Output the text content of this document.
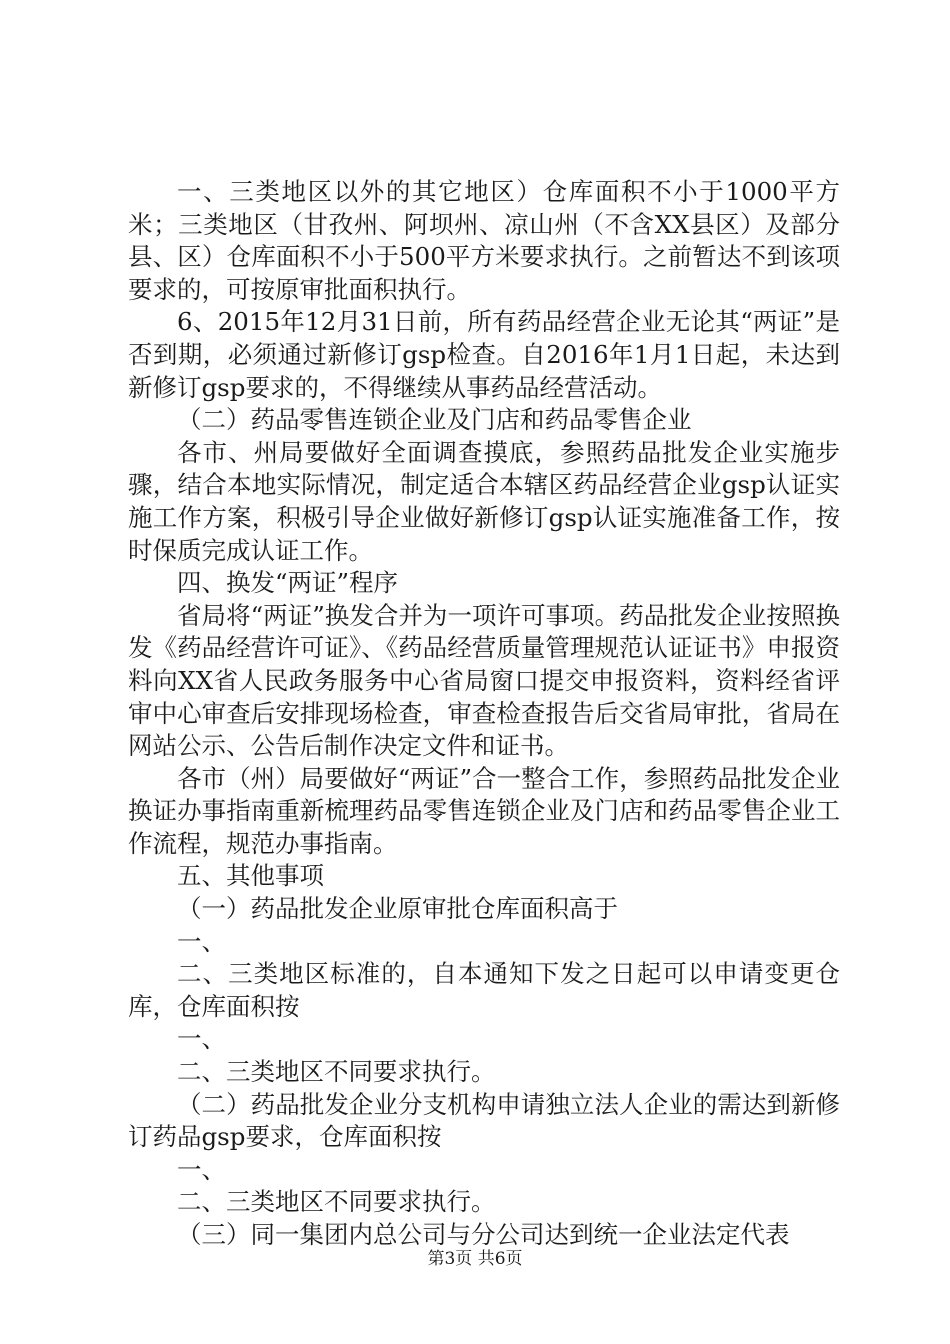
一、三类地区以外的其它地区）仓库面积不小于1000平方米；三类地区（甘孜州、阿坝州、凉山州（不含XX县区）及部分县、区）仓库面积不小于500平方米要求执行。之前暂达不到该项要求的，可按原审批面积执行。

6、2015年12月31日前，所有药品经营企业无论其“两证”是否到期，必须通过新修订gsp检查。自2016年1月1日起，未达到新修订gsp要求的，不得继续从事药品经营活动。

（二）药品零售连锁企业及门店和药品零售企业

各市、州局要做好全面调查摸底，参照药品批发企业实施步骤，结合本地实际情况，制定适合本辖区药品经营企业gsp认证实施工作方案，积极引导企业做好新修订gsp认证实施准备工作，按时保质完成认证工作。

四、换发“两证”程序

省局将“两证”换发合并为一项许可事项。药品批发企业按照换发《药品经营许可证》、《药品经营质量管理规范认证证书》申报资料向XX省人民政务服务中心省局窗口提交申报资料，资料经省评审中心审查后安排现场检查，审查检查报告后交省局审批，省局在网站公示、公告后制作决定文件和证书。

各市（州）局要做好“两证”合一整合工作，参照药品批发企业换证办事指南重新梳理药品零售连锁企业及门店和药品零售企业工作流程，规范办事指南。

五、其他事项

（一）药品批发企业原审批仓库面积高于

一、

二、三类地区标准的，自本通知下发之日起可以申请变更仓库，仓库面积按

一、

二、三类地区不同要求执行。

（二）药品批发企业分支机构申请独立法人企业的需达到新修订药品gsp要求，仓库面积按

一、

二、三类地区不同要求执行。

（三）同一集团内总公司与分公司达到统一企业法定代表

第3页 共6页
